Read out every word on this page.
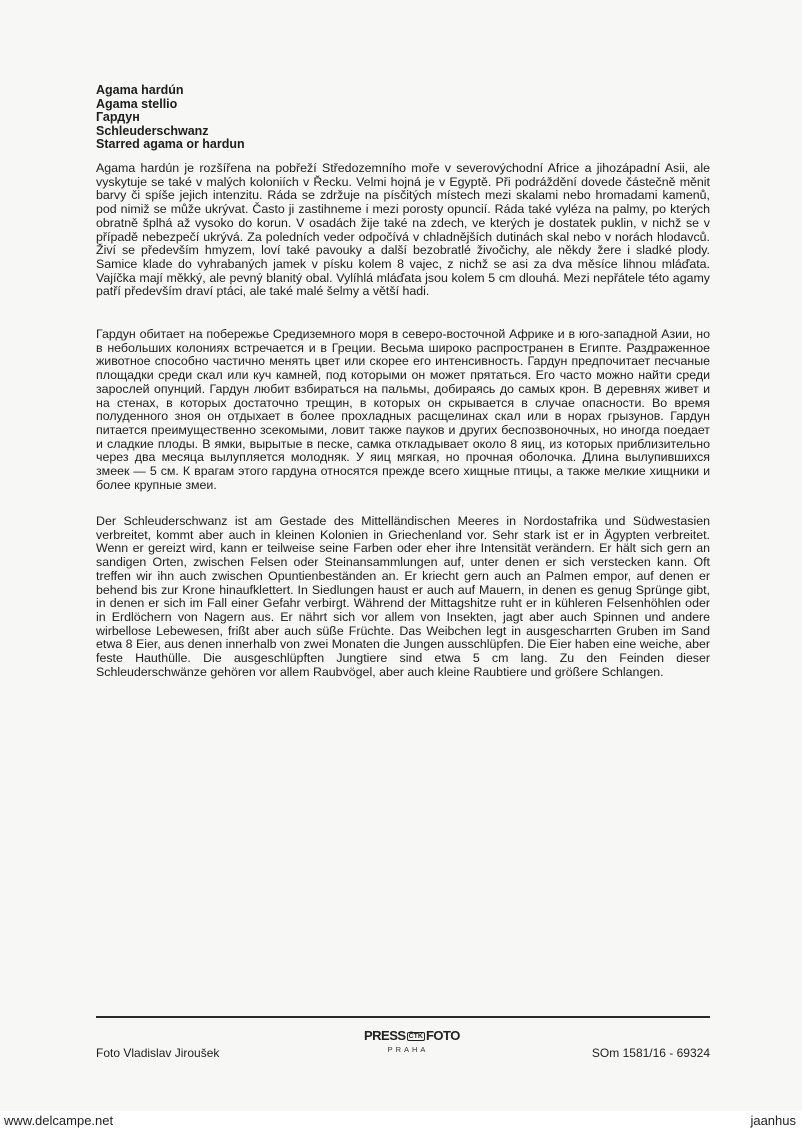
Agama hardún
Agama stellio
Гардун
Schleuderschwanz
Starred agama or hardun

Agama hardún je rozšířena na pobřeží Středozemního moře v severovýchodní Africe a jihozápadní Asii, ale vyskytuje se také v malých koloniích v Řecku. Velmi hojná je v Egyptě. Při podráždění dovede částečně měnit barvy či spíše jejich intenzitu. Ráda se zdržuje na písčitých místech mezi skalami nebo hromadami kamenů, pod nimiž se může ukrývat. Často ji zastihneme i mezi porosty opuncií. Ráda také vyléza na palmy, po kterých obratně šplhá až vysoko do korun. V osadách žije také na zdech, ve kterých je dostatek puklin, v nichž se v případě nebezpečí ukrývá. Za poledních veder odpočívá v chladnějších dutinách skal nebo v norách hlodavců. Živí se především hmyzem, loví také pavouky a další bezobratlé živočichy, ale někdy žere i sladké plody. Samice klade do vyhrabaných jamek v písku kolem 8 vajec, z nichž se asi za dva měsíce lihnou mláďata. Vajíčka mají měkký, ale pevný blanitý obal. Vylíhlá mláďata jsou kolem 5 cm dlouhá. Mezi nepřátele této agamy patří především draví ptáci, ale také malé šelmy a větší hadi.

Гардун обитает на побережье Средиземного моря в северо-восточной Африке и в юго-западной Азии, но в небольших колониях встречается и в Греции. Весьма широко распространен в Египте. Раздраженное животное способно частично менять цвет или скорее его интенсивность. Гардун предпочитает песчаные площадки среди скал или куч камней, под которыми он может прятаться. Его часто можно найти среди зарослей опунций. Гардун любит взбираться на пальмы, добираясь до самых крон. В деревнях живет и на стенах, в которых достаточно трещин, в которых он скрывается в случае опасности. Во время полуденного зноя он отдыхает в более прохладных расщелинах скал или в норах грызунов. Гардун питается преимущественно зсекомыми, ловит также пауков и других беспозвоночных, но иногда поедает и сладкие плоды. В ямки, вырытые в песке, самка откладывает около 8 яиц, из которых приблизительно через два месяца вылупляется молодняк. У яиц мягкая, но прочная оболочка. Длина вылупившихся змеек — 5 см. К врагам этого гардуна относятся прежде всего хищные птицы, а также мелкие хищники и более крупные змеи.

Der Schleuderschwanz ist am Gestade des Mittelländischen Meeres in Nordostafrika und Südwestasien verbreitet, kommt aber auch in kleinen Kolonien in Griechenland vor. Sehr stark ist er in Ägypten verbreitet. Wenn er gereizt wird, kann er teilweise seine Farben oder eher ihre Intensität verändern. Er hält sich gern an sandigen Orten, zwischen Felsen oder Steinansammlungen auf, unter denen er sich verstecken kann. Oft treffen wir ihn auch zwischen Opuntienbeständen an. Er kriecht gern auch an Palmen empor, auf denen er behend bis zur Krone hinaufklettert. In Siedlungen haust er auch auf Mauern, in denen es genug Sprünge gibt, in denen er sich im Fall einer Gefahr verbirgt. Während der Mittagshitze ruht er in kühleren Felsenhöhlen oder in Erdlöchern von Nagern aus. Er nährt sich vor allem von Insekten, jagt aber auch Spinnen und andere wirbellose Lebewesen, frißt aber auch süße Früchte. Das Weibchen legt in ausgescharrten Gruben im Sand etwa 8 Eier, aus denen innerhalb von zwei Monaten die Jungen ausschlüpfen. Die Eier haben eine weiche, aber feste Hauthülle. Die ausgeschlüpften Jungtiere sind etwa 5 cm lang. Zu den Feinden dieser Schleuderschwänze gehören vor allem Raubvögel, aber auch kleine Raubtiere und größere Schlangen.

Foto Vladislav Jiroušek
PRESS ČTK FOTO
PRAHA	SOm 1581/16 - 69324
www.delcampe.net	jaanhus
